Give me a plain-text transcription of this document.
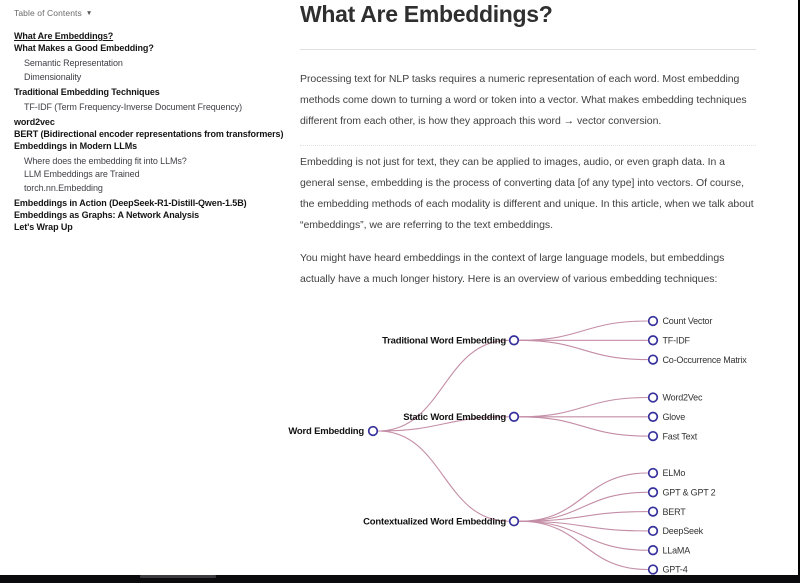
Table of Contents ▼
What Are Embeddings?
What Makes a Good Embedding?
Semantic Representation
Dimensionality
Traditional Embedding Techniques
TF-IDF (Term Frequency-Inverse Document Frequency)
word2vec
BERT (Bidirectional encoder representations from transformers)
Embeddings in Modern LLMs
Where does the embedding fit into LLMs?
LLM Embeddings are Trained
torch.nn.Embedding
Embeddings in Action (DeepSeek-R1-Distill-Qwen-1.5B)
Embeddings as Graphs: A Network Analysis
Let's Wrap Up
What Are Embeddings?

Processing text for NLP tasks requires a numeric representation of each word. Most embedding methods come down to turning a word or token into a vector. What makes embedding techniques different from each other, is how they approach this word → vector conversion.

Embedding is not just for text, they can be applied to images, audio, or even graph data. In a general sense, embedding is the process of converting data [of any type] into vectors. Of course, the embedding methods of each modality is different and unique. In this article, when we talk about “embeddings”, we are referring to the text embeddings.

You might have heard embeddings in the context of large language models, but embeddings actually have a much longer history. Here is an overview of various embedding techniques:

Word Embedding
Traditional Word Embedding
Static Word Embedding
Contextualized Word Embedding
Count Vector
TF-IDF
Co-Occurrence Matrix
Word2Vec
Glove
Fast Text
ELMo
GPT & GPT 2
BERT
DeepSeek
LLaMA
GPT-4
